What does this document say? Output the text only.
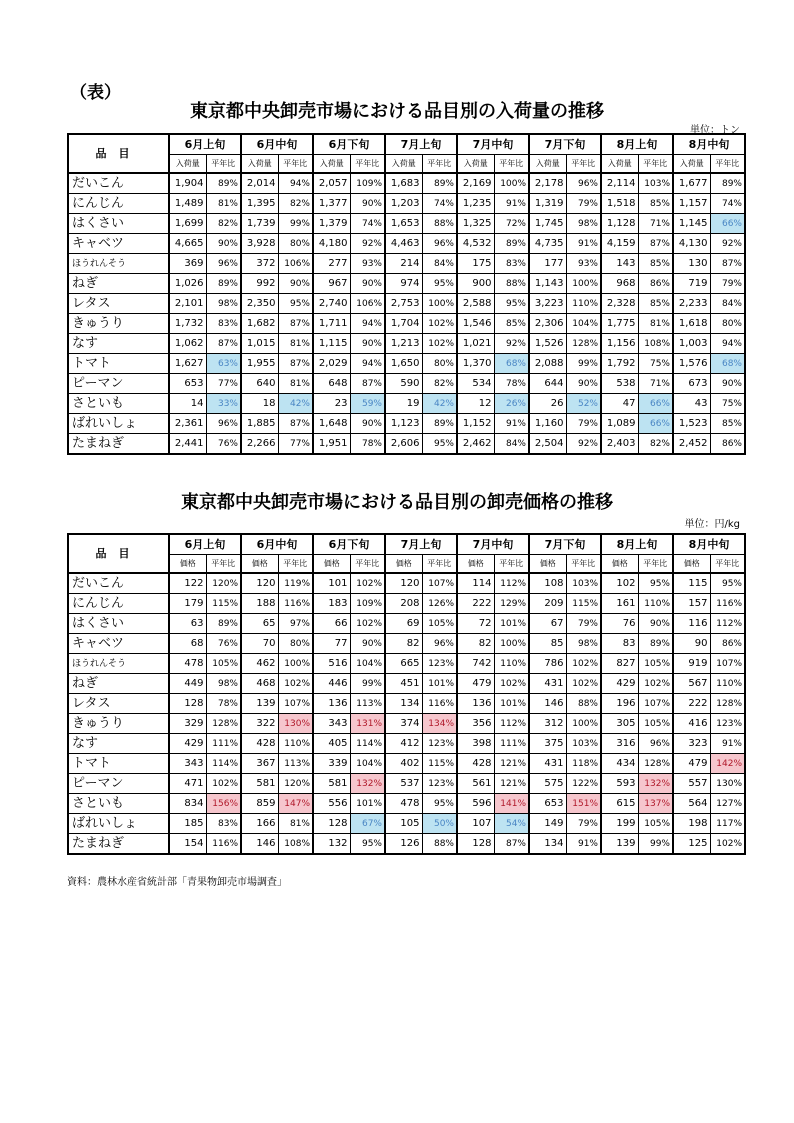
（表）
東京都中央卸売市場における品目別の入荷量の推移
単位：トン
品目	6月上旬		6月中旬		6月下旬		7月上旬		7月中旬		7月下旬		8月上旬		8月中旬	
	入荷量	平年比	入荷量	平年比	入荷量	平年比	入荷量	平年比	入荷量	平年比	入荷量	平年比	入荷量	平年比	入荷量	平年比
だいこん	1,904	89%	2,014	94%	2,057	109%	1,683	89%	2,169	100%	2,178	96%	2,114	103%	1,677	89%
にんじん	1,489	81%	1,395	82%	1,377	90%	1,203	74%	1,235	91%	1,319	79%	1,518	85%	1,157	74%
はくさい	1,699	82%	1,739	99%	1,379	74%	1,653	88%	1,325	72%	1,745	98%	1,128	71%	1,145	66%
キャベツ	4,665	90%	3,928	80%	4,180	92%	4,463	96%	4,532	89%	4,735	91%	4,159	87%	4,130	92%
ほうれんそう	369	96%	372	106%	277	93%	214	84%	175	83%	177	93%	143	85%	130	87%
ねぎ	1,026	89%	992	90%	967	90%	974	95%	900	88%	1,143	100%	968	86%	719	79%
レタス	2,101	98%	2,350	95%	2,740	106%	2,753	100%	2,588	95%	3,223	110%	2,328	85%	2,233	84%
きゅうり	1,732	83%	1,682	87%	1,711	94%	1,704	102%	1,546	85%	2,306	104%	1,775	81%	1,618	80%
なす	1,062	87%	1,015	81%	1,115	90%	1,213	102%	1,021	92%	1,526	128%	1,156	108%	1,003	94%
トマト	1,627	63%	1,955	87%	2,029	94%	1,650	80%	1,370	68%	2,088	99%	1,792	75%	1,576	68%
ピーマン	653	77%	640	81%	648	87%	590	82%	534	78%	644	90%	538	71%	673	90%
さといも	14	33%	18	42%	23	59%	19	42%	12	26%	26	52%	47	66%	43	75%
ばれいしょ	2,361	96%	1,885	87%	1,648	90%	1,123	89%	1,152	91%	1,160	79%	1,089	66%	1,523	85%
たまねぎ	2,441	76%	2,266	77%	1,951	78%	2,606	95%	2,462	84%	2,504	92%	2,403	82%	2,452	86%
東京都中央卸売市場における品目別の卸売価格の推移
単位：円/kg
品目	6月上旬		6月中旬		6月下旬		7月上旬		7月中旬		7月下旬		8月上旬		8月中旬	
	価格	平年比	価格	平年比	価格	平年比	価格	平年比	価格	平年比	価格	平年比	価格	平年比	価格	平年比
だいこん	122	120%	120	119%	101	102%	120	107%	114	112%	108	103%	102	95%	115	95%
にんじん	179	115%	188	116%	183	109%	208	126%	222	129%	209	115%	161	110%	157	116%
はくさい	63	89%	65	97%	66	102%	69	105%	72	101%	67	79%	76	90%	116	112%
キャベツ	68	76%	70	80%	77	90%	82	96%	82	100%	85	98%	83	89%	90	86%
ほうれんそう	478	105%	462	100%	516	104%	665	123%	742	110%	786	102%	827	105%	919	107%
ねぎ	449	98%	468	102%	446	99%	451	101%	479	102%	431	102%	429	102%	567	110%
レタス	128	78%	139	107%	136	113%	134	116%	136	101%	146	88%	196	107%	222	128%
きゅうり	329	128%	322	130%	343	131%	374	134%	356	112%	312	100%	305	105%	416	123%
なす	429	111%	428	110%	405	114%	412	123%	398	111%	375	103%	316	96%	323	91%
トマト	343	114%	367	113%	339	104%	402	115%	428	121%	431	118%	434	128%	479	142%
ピーマン	471	102%	581	120%	581	132%	537	123%	561	121%	575	122%	593	132%	557	130%
さといも	834	156%	859	147%	556	101%	478	95%	596	141%	653	151%	615	137%	564	127%
ばれいしょ	185	83%	166	81%	128	67%	105	50%	107	54%	149	79%	199	105%	198	117%
たまねぎ	154	116%	146	108%	132	95%	126	88%	128	87%	134	91%	139	99%	125	102%
資料：農林水産省統計部「青果物卸売市場調査」
